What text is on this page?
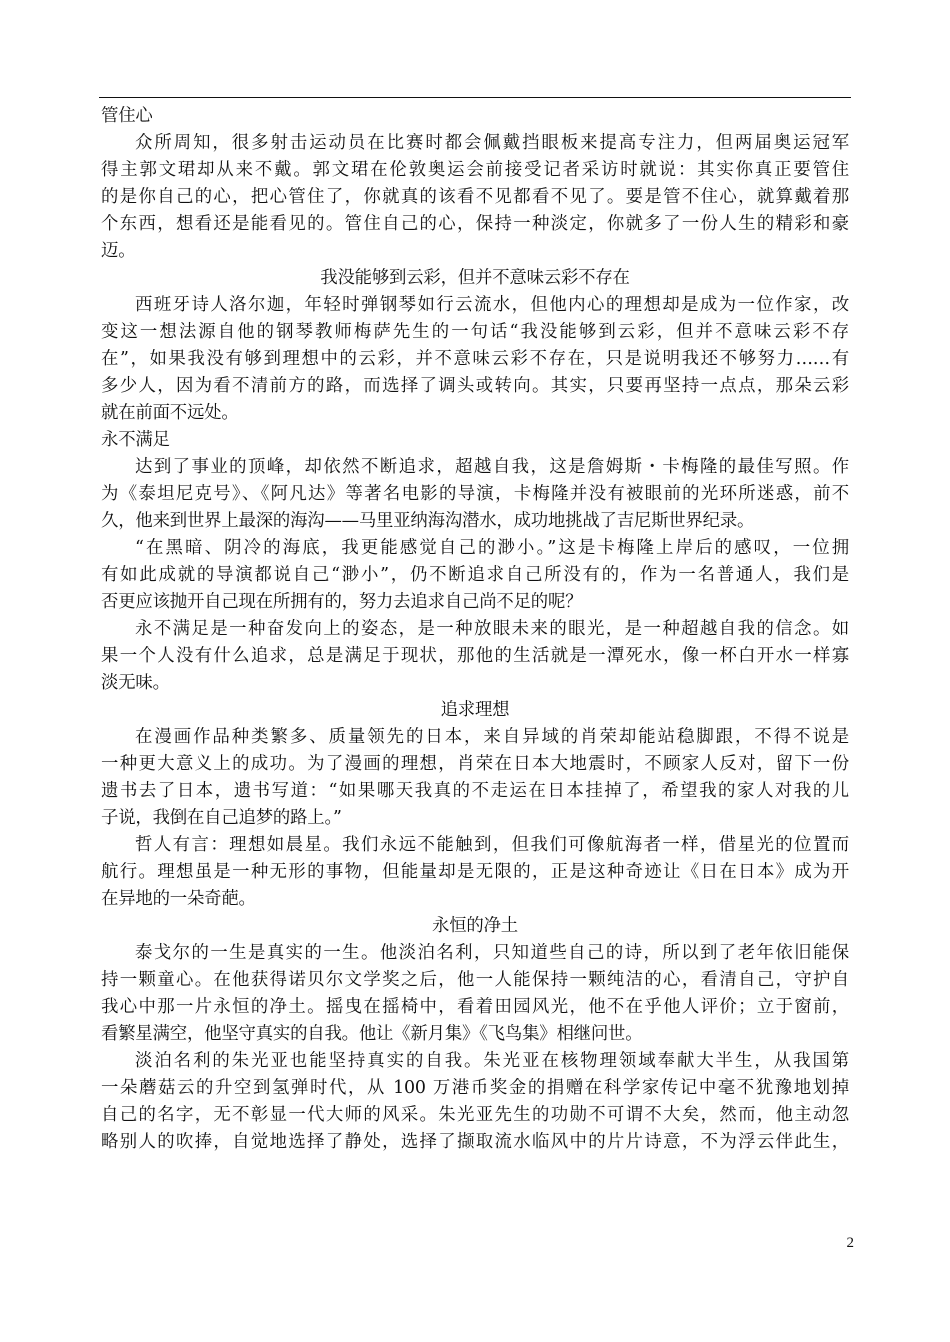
管住心
众所周知，很多射击运动员在比赛时都会佩戴挡眼板来提高专注力，但两届奥运冠军
得主郭文珺却从来不戴。郭文珺在伦敦奥运会前接受记者采访时就说：其实你真正要管住
的是你自己的心，把心管住了，你就真的该看不见都看不见了。要是管不住心，就算戴着那
个东西，想看还是能看见的。管住自己的心，保持一种淡定，你就多了一份人生的精彩和豪
迈。
我没能够到云彩，但并不意味云彩不存在
西班牙诗人洛尔迦，年轻时弹钢琴如行云流水，但他内心的理想却是成为一位作家，改
变这一想法源自他的钢琴教师梅萨先生的一句话“我没能够到云彩，但并不意味云彩不存
在”，如果我没有够到理想中的云彩，并不意味云彩不存在，只是说明我还不够努力……有
多少人，因为看不清前方的路，而选择了调头或转向。其实，只要再坚持一点点，那朵云彩
就在前面不远处。
永不满足
达到了事业的顶峰，却依然不断追求，超越自我，这是詹姆斯・卡梅隆的最佳写照。作
为《泰坦尼克号》、《阿凡达》等著名电影的导演，卡梅隆并没有被眼前的光环所迷惑，前不
久，他来到世界上最深的海沟——马里亚纳海沟潜水，成功地挑战了吉尼斯世界纪录。
“在黑暗、阴冷的海底，我更能感觉自己的渺小。”这是卡梅隆上岸后的感叹，一位拥
有如此成就的导演都说自己“渺小”，仍不断追求自己所没有的，作为一名普通人，我们是
否更应该抛开自己现在所拥有的，努力去追求自己尚不足的呢？
永不满足是一种奋发向上的姿态，是一种放眼未来的眼光，是一种超越自我的信念。如
果一个人没有什么追求，总是满足于现状，那他的生活就是一潭死水，像一杯白开水一样寡
淡无味。
追求理想
在漫画作品种类繁多、质量领先的日本，来自异域的肖荣却能站稳脚跟，不得不说是
一种更大意义上的成功。为了漫画的理想，肖荣在日本大地震时，不顾家人反对，留下一份
遗书去了日本，遗书写道：“如果哪天我真的不走运在日本挂掉了，希望我的家人对我的儿
子说，我倒在自己追梦的路上。”
哲人有言：理想如晨星。我们永远不能触到，但我们可像航海者一样，借星光的位置而
航行。理想虽是一种无形的事物，但能量却是无限的，正是这种奇迹让《日在日本》成为开
在异地的一朵奇葩。
永恒的净土
泰戈尔的一生是真实的一生。他淡泊名利，只知道些自己的诗，所以到了老年依旧能保
持一颗童心。在他获得诺贝尔文学奖之后，他一人能保持一颗纯洁的心，看清自己，守护自
我心中那一片永恒的净土。摇曳在摇椅中，看着田园风光，他不在乎他人评价；立于窗前，
看繁星满空，他坚守真实的自我。他让《新月集》《飞鸟集》相继问世。
淡泊名利的朱光亚也能坚持真实的自我。朱光亚在核物理领域奉献大半生，从我国第
一朵蘑菇云的升空到氢弹时代，从 100 万港币奖金的捐赠在科学家传记中毫不犹豫地划掉
自己的名字，无不彰显一代大师的风采。朱光亚先生的功勋不可谓不大矣，然而，他主动忽
略别人的吹捧，自觉地选择了静处，选择了撷取流水临风中的片片诗意，不为浮云伴此生，
2
